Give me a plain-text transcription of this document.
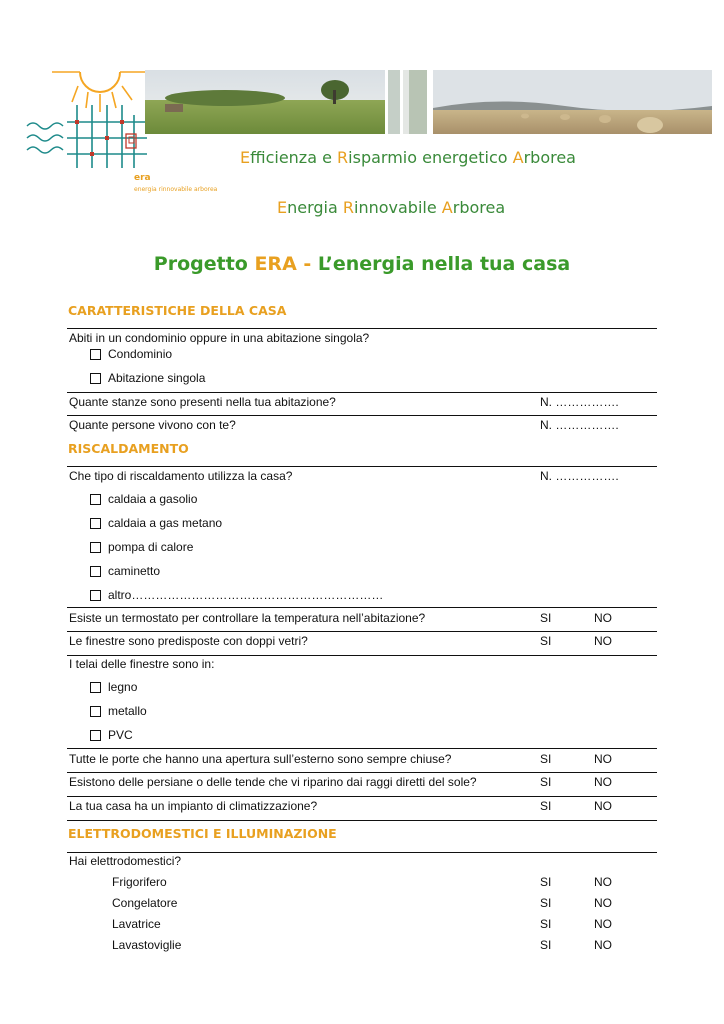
era
energia rinnovabile arborea
Efficienza e Risparmio energetico Arborea
Energia Rinnovabile Arborea
Progetto ERA - L’energia nella tua casa
CARATTERISTICHE DELLA CASA
Abiti in un condominio oppure in una abitazione singola?
Condominio
Abitazione singola
Quante stanze sono presenti nella tua abitazione?	N. …………….
Quante persone vivono con te?	N. …………….
RISCALDAMENTO
Che tipo di riscaldamento utilizza la casa?	N. …………….
caldaia a gasolio
caldaia a gas metano
pompa di calore
caminetto
altro………………………………………………………
Esiste un termostato per controllare la temperatura nell’abitazione?	SI	NO
Le finestre sono predisposte con doppi vetri?	SI	NO
I telai delle finestre sono in:
legno
metallo
PVC
Tutte le porte che hanno una apertura sull’esterno sono sempre chiuse?	SI	NO
Esistono delle persiane o delle tende che vi riparino dai raggi diretti del sole?	SI	NO
La tua casa ha un impianto di climatizzazione?	SI	NO
ELETTRODOMESTICI E ILLUMINAZIONE
Hai elettrodomestici?
Frigorifero	SI	NO
Congelatore	SI	NO
Lavatrice	SI	NO
Lavastoviglie	SI	NO
